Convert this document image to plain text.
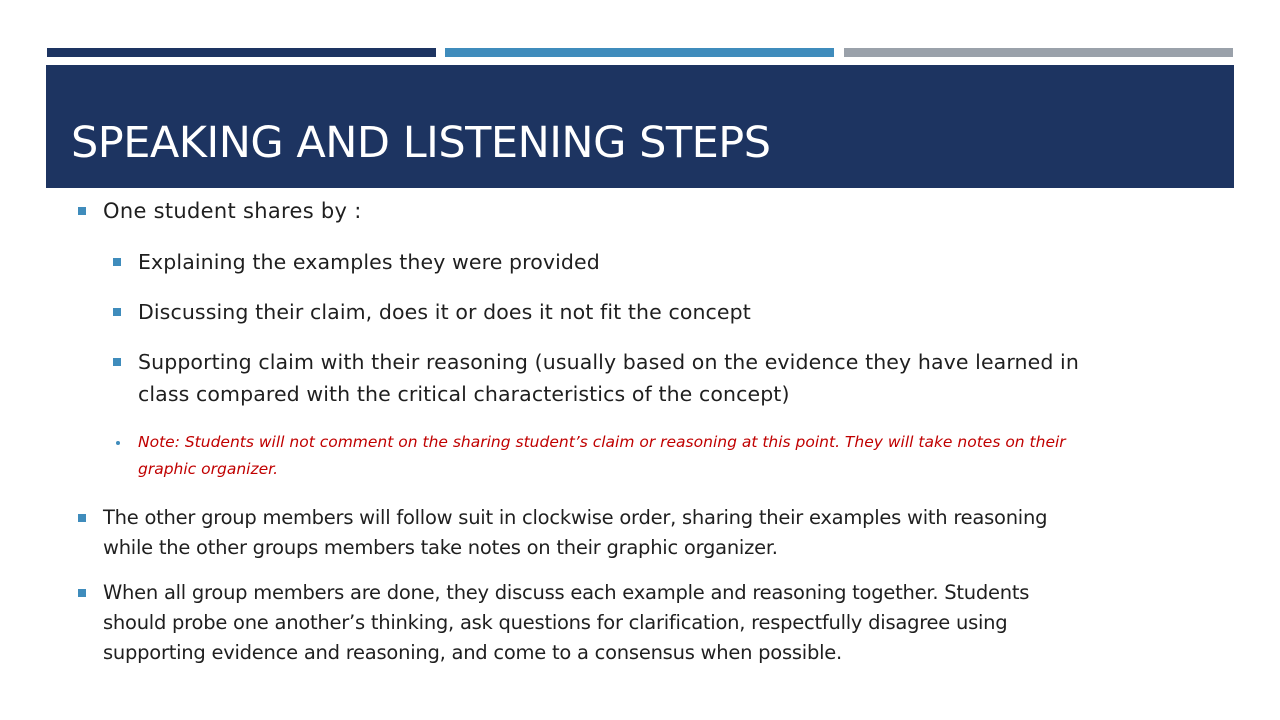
SPEAKING AND LISTENING STEPS
One student shares by :
Explaining the examples they were provided
Discussing their claim, does it or does it not fit the concept
Supporting claim with their reasoning (usually based on the evidence they have learned in
class compared with the critical characteristics of the concept)
Note: Students will not comment on the sharing student’s claim or reasoning at this point. They will take notes on their
graphic organizer.
The other group members will follow suit in clockwise order, sharing their examples with reasoning
while the other groups members take notes on their graphic organizer.
When all group members are done, they discuss each example and reasoning together. Students
should probe one another’s thinking, ask questions for clarification, respectfully disagree using
supporting evidence and reasoning, and come to a consensus when possible.
